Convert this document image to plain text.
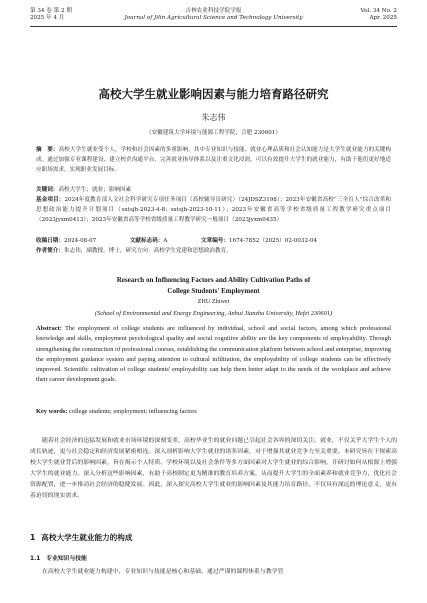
第 34 卷 第 2 期
2025 年 4 月
吉林农业科技学院学报
Journal of Jilin Agricultural Science and Technology University
Vol. 34 No. 2
Apr. 2025
高校大学生就业影响因素与能力培育路径研究
朱志伟
（安徽建筑大学环境与能源工程学院，合肥 230601）
摘　要：高校大学生就业受个人、学校和社会因素的多重影响，其中专业知识与技能、就业心理品质和社会认知能力是大学生就业能力的关键构成。通过加强专业课程建设、建立校企沟通平台、完善就业指导体系以及注重文化浸润，可以有效提升大学生的就业能力，有助于他们更好地适应职场需求，实现职业发展目标。
关键词：高校大学生；就业；影响因素
基金项目：2024年度教育部人文社会科学研究专项任务项目（高校辅导员研究）（24JDSZ3198）；2023年安徽省高校“三全育人”综合改革和思想政治能力提升计划项目（sxtsjh-2023-4-8；sxtsjh-2023-10-11）；2023年安徽省高等学校省级质量工程教学研究重点项目（2023jyxm0413）；2023年安徽省高等学校省级质量工程教学研究一般项目（2023jyxm0435）
收稿日期：2024-08-07	文献标志码：A	文章编号：1674-7852（2025）02-0032-04
作者简介：朱志伟，副教授，博士，研究方向：高校学生党建和思想政治教育。
Research on Influencing Factors and Ability Cultivation Paths of
College Students' Employment
ZHU Zhiwei
(School of Environmental and Energy Engineering, Anhui Jianzhu University, Hefei 230601)
Abstract: The employment of college students are influenced by individual, school and social factors, among which professional knowledge and skills, employment psychological quality and social cognitive ability are the key components of employability. Through strengthening the construction of professional courses, establishing the communication platform between school and enterprise, improving the employment guidance system and paying attention to cultural infiltration, the employability of college students can be effectively improved. Scientific cultivation of college students' employability can help them better adapt to the needs of the workplace and achieve their career development goals.
Key words: college students; employment; influencing factors
随着社会经济的迅猛发展和就业市场环境的深刻变革，高校毕业生的就业问题已引起社会各界的深切关注。就业，不仅关乎大学生个人的成长轨迹，更与社会稳定和经济发展紧密相连。深入剖析影响大学生就业的诸多因素，对于增强其就业竞争力至关重要。本研究旨在于探索高校大学生就业背后的影响因素，旨在揭示个人特质、学校环境以及社会条件等多方面因素对大学生就业的综合影响，并研讨如何从根源上增强大学生的就业能力。深入分析这些影响因素，有助于高校制定更为精准的教育培养方案，从而提升大学生的全面素养和就业竞争力，优化社会资源配置，进一步推动社会经济的稳健发展。因此，深入探究高校大学生就业的影响因素及其能力培育路径，不仅具有深远的理论意义，更有着迫切的现实需求。
1 高校大学生就业能力的构成
1.1 专业知识与技能
在高校大学生就业能力构建中，专业知识与技能是核心和基础。通过严谨的课程体系与教学管
